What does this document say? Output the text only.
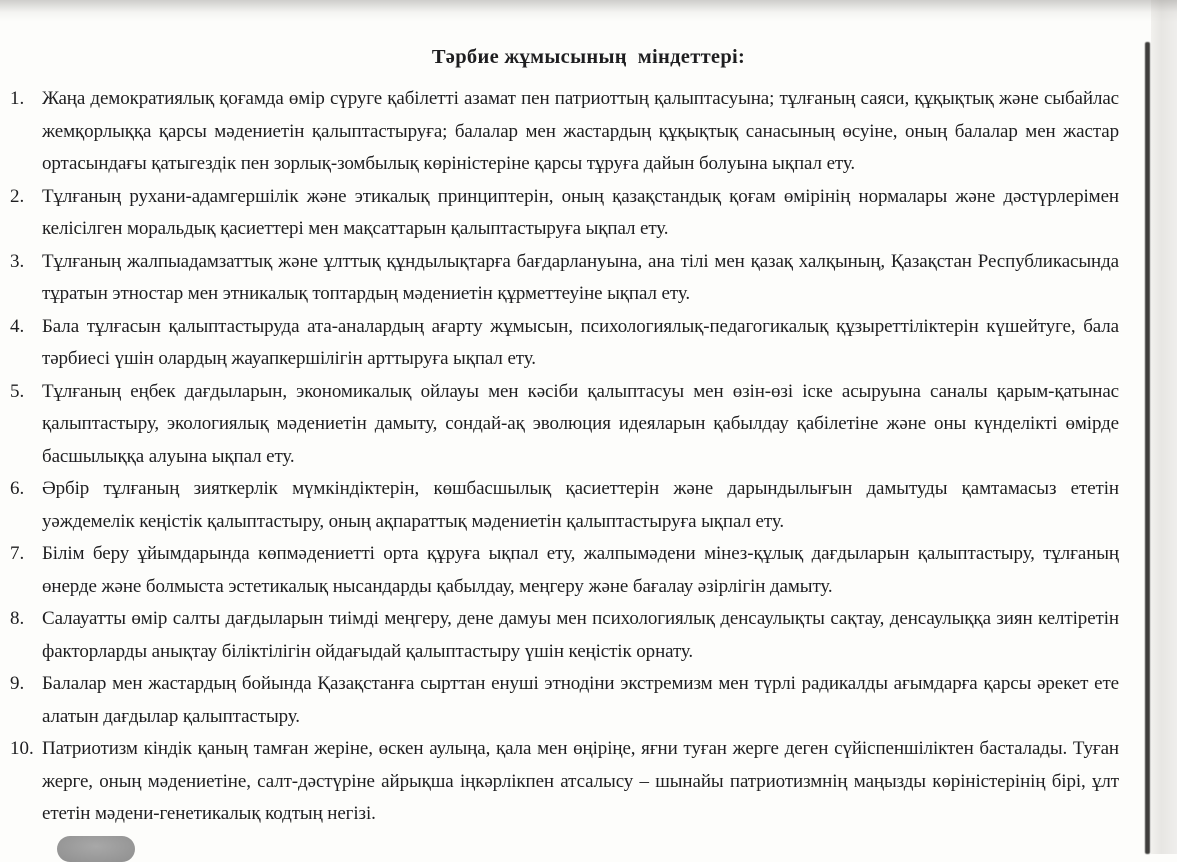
Тәрбие жұмысының  міндеттері:
1. Жаңа демократиялық қоғамда өмір сүруге қабілетті азамат пен патриоттың қалыптасуына; тұлғаның саяси, құқықтық және сыбайлас жемқорлыққа қарсы мәдениетін қалыптастыруға; балалар мен жастардың құқықтық санасының өсуіне, оның балалар мен жастар ортасындағы қатыгездік пен зорлық-зомбылық көріністеріне қарсы тұруға дайын болуына ықпал ету.
2. Тұлғаның рухани-адамгершілік және этикалық принциптерін, оның қазақстандық қоғам өмірінің нормалары және дәстүрлерімен келісілген моральдық қасиеттері мен мақсаттарын қалыптастыруға ықпал ету.
3. Тұлғаның жалпыадамзаттық және ұлттық құндылықтарға бағдарлануына, ана тілі мен қазақ халқының, Қазақстан Республикасында тұратын этностар мен этникалық топтардың мәдениетін құрметтеуіне ықпал ету.
4. Бала тұлғасын қалыптастыруда ата-аналардың ағарту жұмысын, психологиялық-педагогикалық құзыреттіліктерін күшейтуге, бала тәрбиесі үшін олардың жауапкершілігін арттыруға ықпал ету.
5. Тұлғаның еңбек дағдыларын, экономикалық ойлауы мен кәсіби қалыптасуы мен өзін-өзі іске асыруына саналы қарым-қатынас қалыптастыру, экологиялық мәдениетін дамыту, сондай-ақ эволюция идеяларын қабылдау қабілетіне және оны күнделікті өмірде басшылыққа алуына ықпал ету.
6. Әрбір тұлғаның зияткерлік мүмкіндіктерін, көшбасшылық қасиеттерін және дарындылығын дамытуды қамтамасыз ететін уәждемелік кеңістік қалыптастыру, оның ақпараттық мәдениетін қалыптастыруға ықпал ету.
7. Білім беру ұйымдарында көпмәдениетті орта құруға ықпал ету, жалпымәдени мінез-құлық дағдыларын қалыптастыру, тұлғаның өнерде және болмыста эстетикалық нысандарды қабылдау, меңгеру және бағалау әзірлігін дамыту.
8. Салауатты өмір салты дағдыларын тиімді меңгеру, дене дамуы мен психологиялық денсаулықты сақтау, денсаулыққа зиян келтіретін факторларды анықтау біліктілігін ойдағыдай қалыптастыру үшін кеңістік орнату.
9. Балалар мен жастардың бойында Қазақстанға сырттан енуші этнодіни экстремизм мен түрлі радикалды ағымдарға қарсы әрекет ете алатын дағдылар қалыптастыру.
10. Патриотизм кіндік қаның тамған жеріне, өскен аулыңа, қала мен өңіріңе, яғни туған жерге деген сүйіспеншіліктен басталады. Туған жерге, оның мәдениетіне, салт-дәстүріне айрықша іңкәрлікпен атсалысу – шынайы патриотизмнің маңызды көріністерінің бірі, ұлт ететін мәдени-генетикалық кодтың негізі.
